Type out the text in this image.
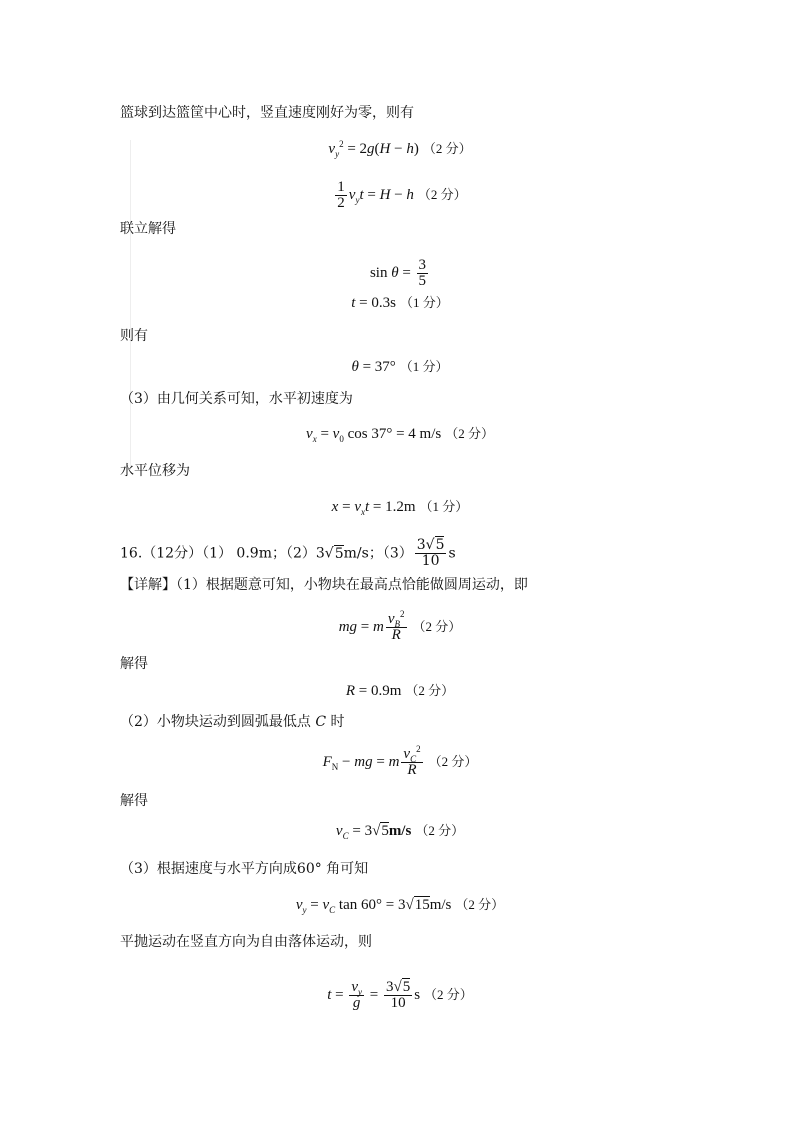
篮球到达篮筐中心时，竖直速度刚好为零，则有
$v_y^2 = 2g(H - h)$ （2 分）
$\frac{1}{2} v_yt = H - h$ （2 分）
联立解得
$\sin \theta = \frac{3}{5}$
t = 0.3s （1 分）
则有
θ = 37° （1 分）
（3）由几何关系可知，水平初速度为
$v_x = v_0$ cos 37° = 4 m/s （2 分）
水平位移为
$x = v_xt = 1.2m$ （1 分）
16.（12分）（1） 0.9m；（2）3√5m/s；$(3) \frac{3√5}{10}$ s
【详解】（1）根据题意可知，小物块在最高点恰能做圆周运动，即
mg = m $\frac{v_B^2}{R} (2$ 分）
解得
R = 0.9m （2 分）
（2）小物块运动到圆弧最低点 C 时
$F_N$ − mg = m $\frac{v_C^2}{R} (2$ 分）
解得
$v_C = 3√5m/s$ （2 分）
（3）根据速度与水平方向成60° 角可知
$v_y = v_C$ tan 60° = 3√15m/s （2 分）
平抛运动在竖直方向为自由落体运动，则
$t = \frac{v_y}{g} = \frac{3√5}{10}$ s （2 分）
